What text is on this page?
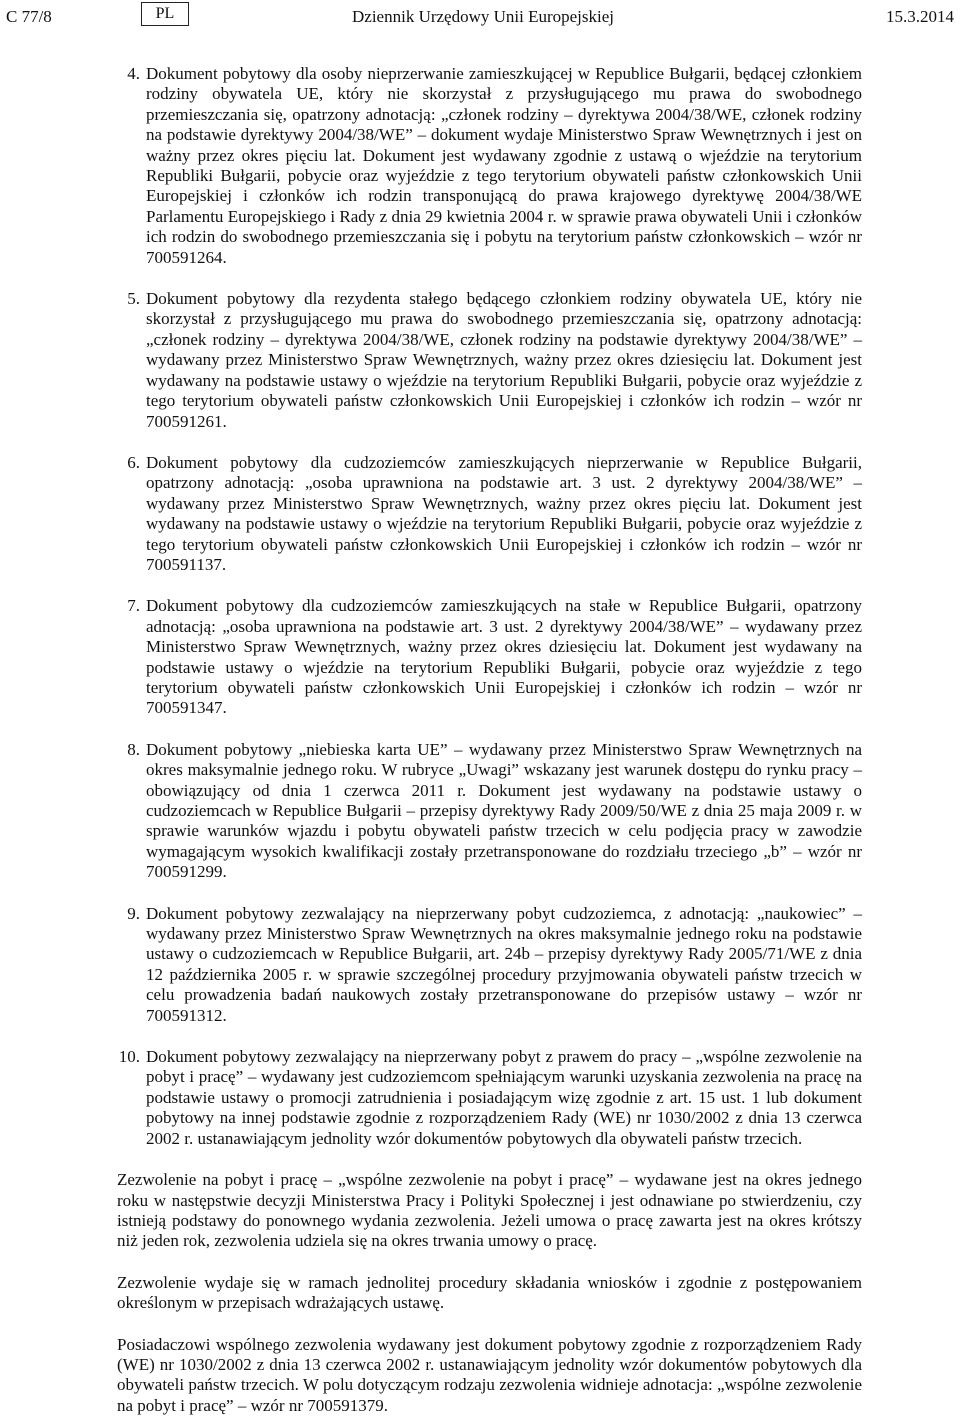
C 77/8	PL	Dziennik Urzędowy Unii Europejskiej	15.3.2014
4. Dokument pobytowy dla osoby nieprzerwanie zamieszkującej w Republice Bułgarii, będącej członkiem rodziny obywatela UE, który nie skorzystał z przysługującego mu prawa do swobodnego przemieszczania się, opatrzony adnotacją: „członek rodziny – dyrektywa 2004/38/WE, członek rodziny na podstawie dyrektywy 2004/38/WE” – dokument wydaje Ministerstwo Spraw Wewnętrznych i jest on ważny przez okres pięciu lat. Dokument jest wydawany zgodnie z ustawą o wjeździe na terytorium Republiki Bułgarii, pobycie oraz wyjeździe z tego terytorium obywateli państw członkowskich Unii Europejskiej i członków ich rodzin transponującą do prawa krajowego dyrektywę 2004/38/WE Parlamentu Europejskiego i Rady z dnia 29 kwietnia 2004 r. w sprawie prawa obywateli Unii i członków ich rodzin do swobodnego przemieszczania się i pobytu na terytorium państw członkowskich – wzór nr 700591264.
5. Dokument pobytowy dla rezydenta stałego będącego członkiem rodziny obywatela UE, który nie skorzystał z przysługującego mu prawa do swobodnego przemieszczania się, opatrzony adnotacją: „członek rodziny – dyrektywa 2004/38/WE, członek rodziny na podstawie dyrektywy 2004/38/WE” – wydawany przez Ministerstwo Spraw Wewnętrznych, ważny przez okres dziesięciu lat. Dokument jest wydawany na podstawie ustawy o wjeździe na terytorium Republiki Bułgarii, pobycie oraz wyjeździe z tego terytorium obywateli państw członkowskich Unii Europejskiej i członków ich rodzin – wzór nr 700591261.
6. Dokument pobytowy dla cudzoziemców zamieszkujących nieprzerwanie w Republice Bułgarii, opatrzony adnotacją: „osoba uprawniona na podstawie art. 3 ust. 2 dyrektywy 2004/38/WE” – wydawany przez Ministerstwo Spraw Wewnętrznych, ważny przez okres pięciu lat. Dokument jest wydawany na podstawie ustawy o wjeździe na terytorium Republiki Bułgarii, pobycie oraz wyjeździe z tego terytorium obywateli państw członkowskich Unii Europejskiej i członków ich rodzin – wzór nr 700591137.
7. Dokument pobytowy dla cudzoziemców zamieszkujących na stałe w Republice Bułgarii, opatrzony adnotacją: „osoba uprawniona na podstawie art. 3 ust. 2 dyrektywy 2004/38/WE” – wydawany przez Ministerstwo Spraw Wewnętrznych, ważny przez okres dziesięciu lat. Dokument jest wydawany na podstawie ustawy o wjeździe na terytorium Republiki Bułgarii, pobycie oraz wyjeździe z tego terytorium obywateli państw członkowskich Unii Europejskiej i członków ich rodzin – wzór nr 700591347.
8. Dokument pobytowy „niebieska karta UE” – wydawany przez Ministerstwo Spraw Wewnętrznych na okres maksymalnie jednego roku. W rubryce „Uwagi” wskazany jest warunek dostępu do rynku pracy – obowiązujący od dnia 1 czerwca 2011 r. Dokument jest wydawany na podstawie ustawy o cudzoziemcach w Republice Bułgarii – przepisy dyrektywy Rady 2009/50/WE z dnia 25 maja 2009 r. w sprawie warunków wjazdu i pobytu obywateli państw trzecich w celu podjęcia pracy w zawodzie wymagającym wysokich kwalifikacji zostały przetransponowane do rozdziału trzeciego „b” – wzór nr 700591299.
9. Dokument pobytowy zezwalający na nieprzerwany pobyt cudzoziemca, z adnotacją: „naukowiec” – wydawany przez Ministerstwo Spraw Wewnętrznych na okres maksymalnie jednego roku na podstawie ustawy o cudzoziemcach w Republice Bułgarii, art. 24b – przepisy dyrektywy Rady 2005/71/WE z dnia 12 października 2005 r. w sprawie szczególnej procedury przyjmowania obywateli państw trzecich w celu prowadzenia badań naukowych zostały przetransponowane do przepisów ustawy – wzór nr 700591312.
10. Dokument pobytowy zezwalający na nieprzerwany pobyt z prawem do pracy – „wspólne zezwolenie na pobyt i pracę” – wydawany jest cudzoziemcom spełniającym warunki uzyskania zezwolenia na pracę na podstawie ustawy o promocji zatrudnienia i posiadającym wizę zgodnie z art. 15 ust. 1 lub dokument pobytowy na innej podstawie zgodnie z rozporządzeniem Rady (WE) nr 1030/2002 z dnia 13 czerwca 2002 r. ustanawiającym jednolity wzór dokumentów pobytowych dla obywateli państw trzecich.

Zezwolenie na pobyt i pracę – „wspólne zezwolenie na pobyt i pracę” – wydawane jest na okres jednego roku w następstwie decyzji Ministerstwa Pracy i Polityki Społecznej i jest odnawiane po stwierdzeniu, czy istnieją podstawy do ponownego wydania zezwolenia. Jeżeli umowa o pracę zawarta jest na okres krótszy niż jeden rok, zezwolenia udziela się na okres trwania umowy o pracę.

Zezwolenie wydaje się w ramach jednolitej procedury składania wniosków i zgodnie z postępowaniem określonym w przepisach wdrażających ustawę.

Posiadaczowi wspólnego zezwolenia wydawany jest dokument pobytowy zgodnie z rozporządzeniem Rady (WE) nr 1030/2002 z dnia 13 czerwca 2002 r. ustanawiającym jednolity wzór dokumentów pobytowych dla obywateli państw trzecich. W polu dotyczącym rodzaju zezwolenia widnieje adnotacja: „wspólne zezwolenie na pobyt i pracę” – wzór nr 700591379.
